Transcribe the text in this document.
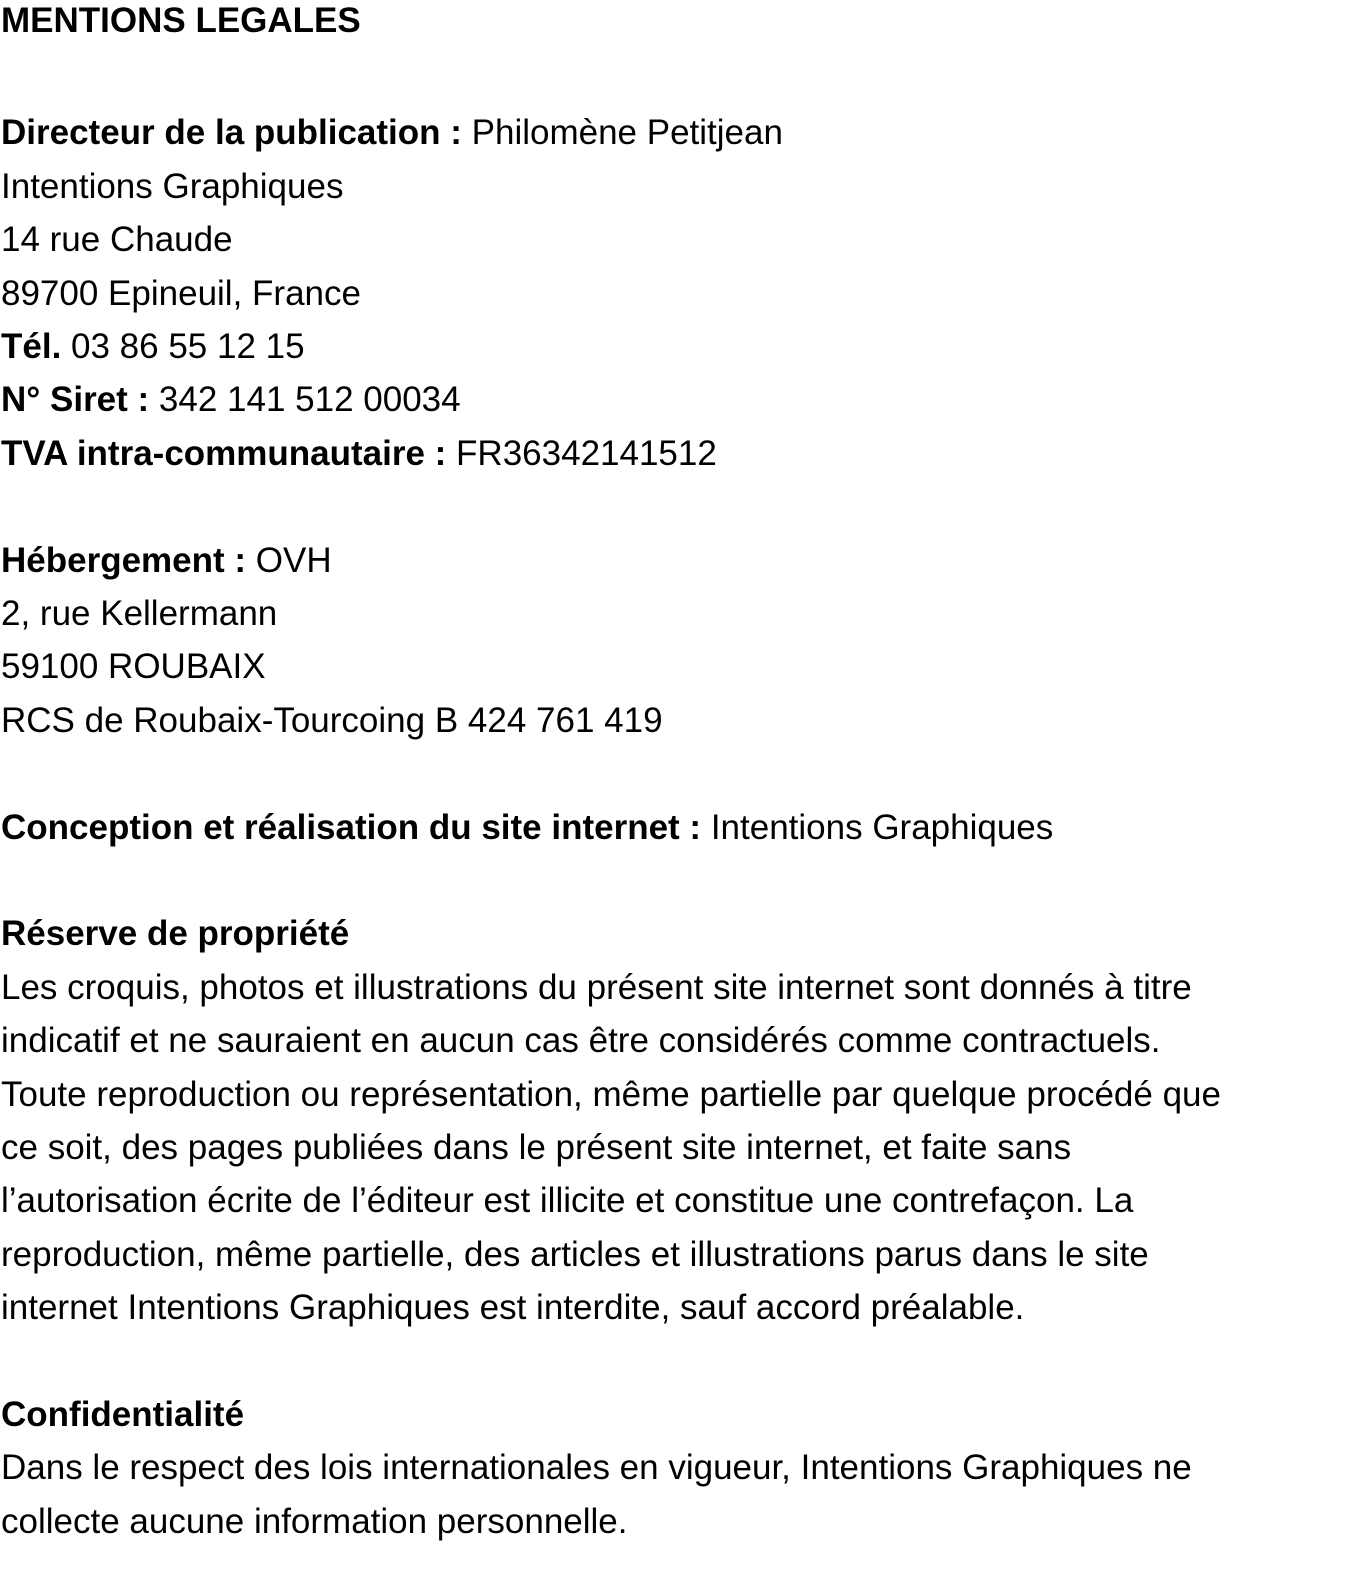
MENTIONS LEGALES
Directeur de la publication : Philomène Petitjean
Intentions Graphiques
14 rue Chaude
89700 Epineuil, France
Tél. 03 86 55 12 15
N° Siret : 342 141 512 00034
TVA intra-communautaire : FR36342141512
Hébergement : OVH
2, rue Kellermann
59100 ROUBAIX
RCS de Roubaix-Tourcoing B 424 761 419
Conception et réalisation du site internet : Intentions Graphiques
Réserve de propriété
Les croquis, photos et illustrations du présent site internet sont donnés à titre
indicatif et ne sauraient en aucun cas être considérés comme contractuels.
Toute reproduction ou représentation, même partielle par quelque procédé que
ce soit, des pages publiées dans le présent site internet, et faite sans
l’autorisation écrite de l’éditeur est illicite et constitue une contrefaçon. La
reproduction, même partielle, des articles et illustrations parus dans le site
internet Intentions Graphiques est interdite, sauf accord préalable.
Confidentialité
Dans le respect des lois internationales en vigueur, Intentions Graphiques ne
collecte aucune information personnelle.
